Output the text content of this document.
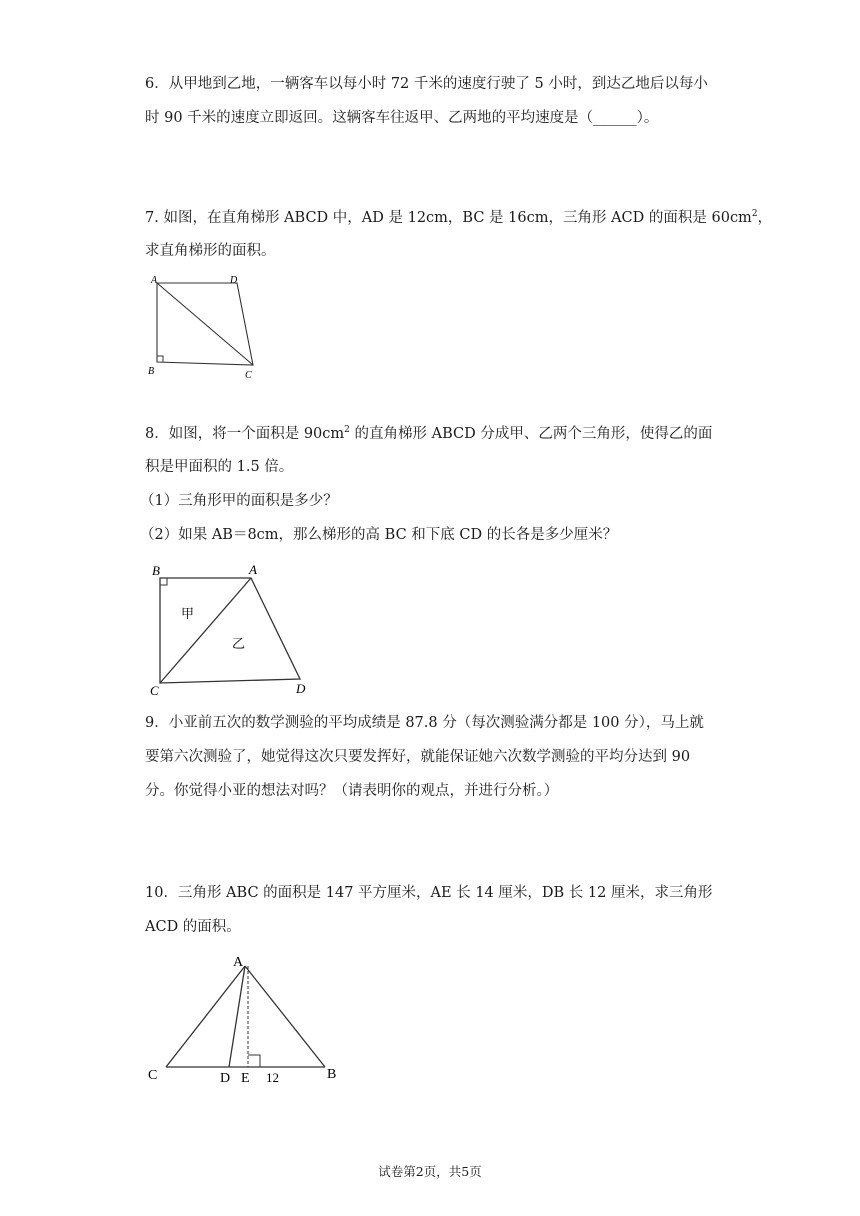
6．从甲地到乙地，一辆客车以每小时 72 千米的速度行驶了 5 小时，到达乙地后以每小
时 90 千米的速度立即返回。这辆客车往返甲、乙两地的平均速度是（______）。
7. 如图，在直角梯形 ABCD 中，AD 是 12cm，BC 是 16cm，三角形 ACD 的面积是 $60cm^2$，
求直角梯形的面积。
A	D
B	C
8．如图，将一个面积是 $90cm^2$ 的直角梯形 ABCD 分成甲、乙两个三角形，使得乙的面
积是甲面积的 1.5 倍。
（1）三角形甲的面积是多少？
（2）如果 AB＝8cm，那么梯形的高 BC 和下底 CD 的长各是多少厘米？
B	A
C	D
甲
乙
9．小亚前五次的数学测验的平均成绩是 87.8 分（每次测验满分都是 100 分），马上就
要第六次测验了，她觉得这次只要发挥好，就能保证她六次数学测验的平均分达到 90
分。你觉得小亚的想法对吗？（请表明你的观点，并进行分析。）
10．三角形 ABC 的面积是 147 平方厘米，AE 长 14 厘米，DB 长 12 厘米，求三角形
ACD 的面积。
A
C	D E 12	B
试卷第2页，共5页
